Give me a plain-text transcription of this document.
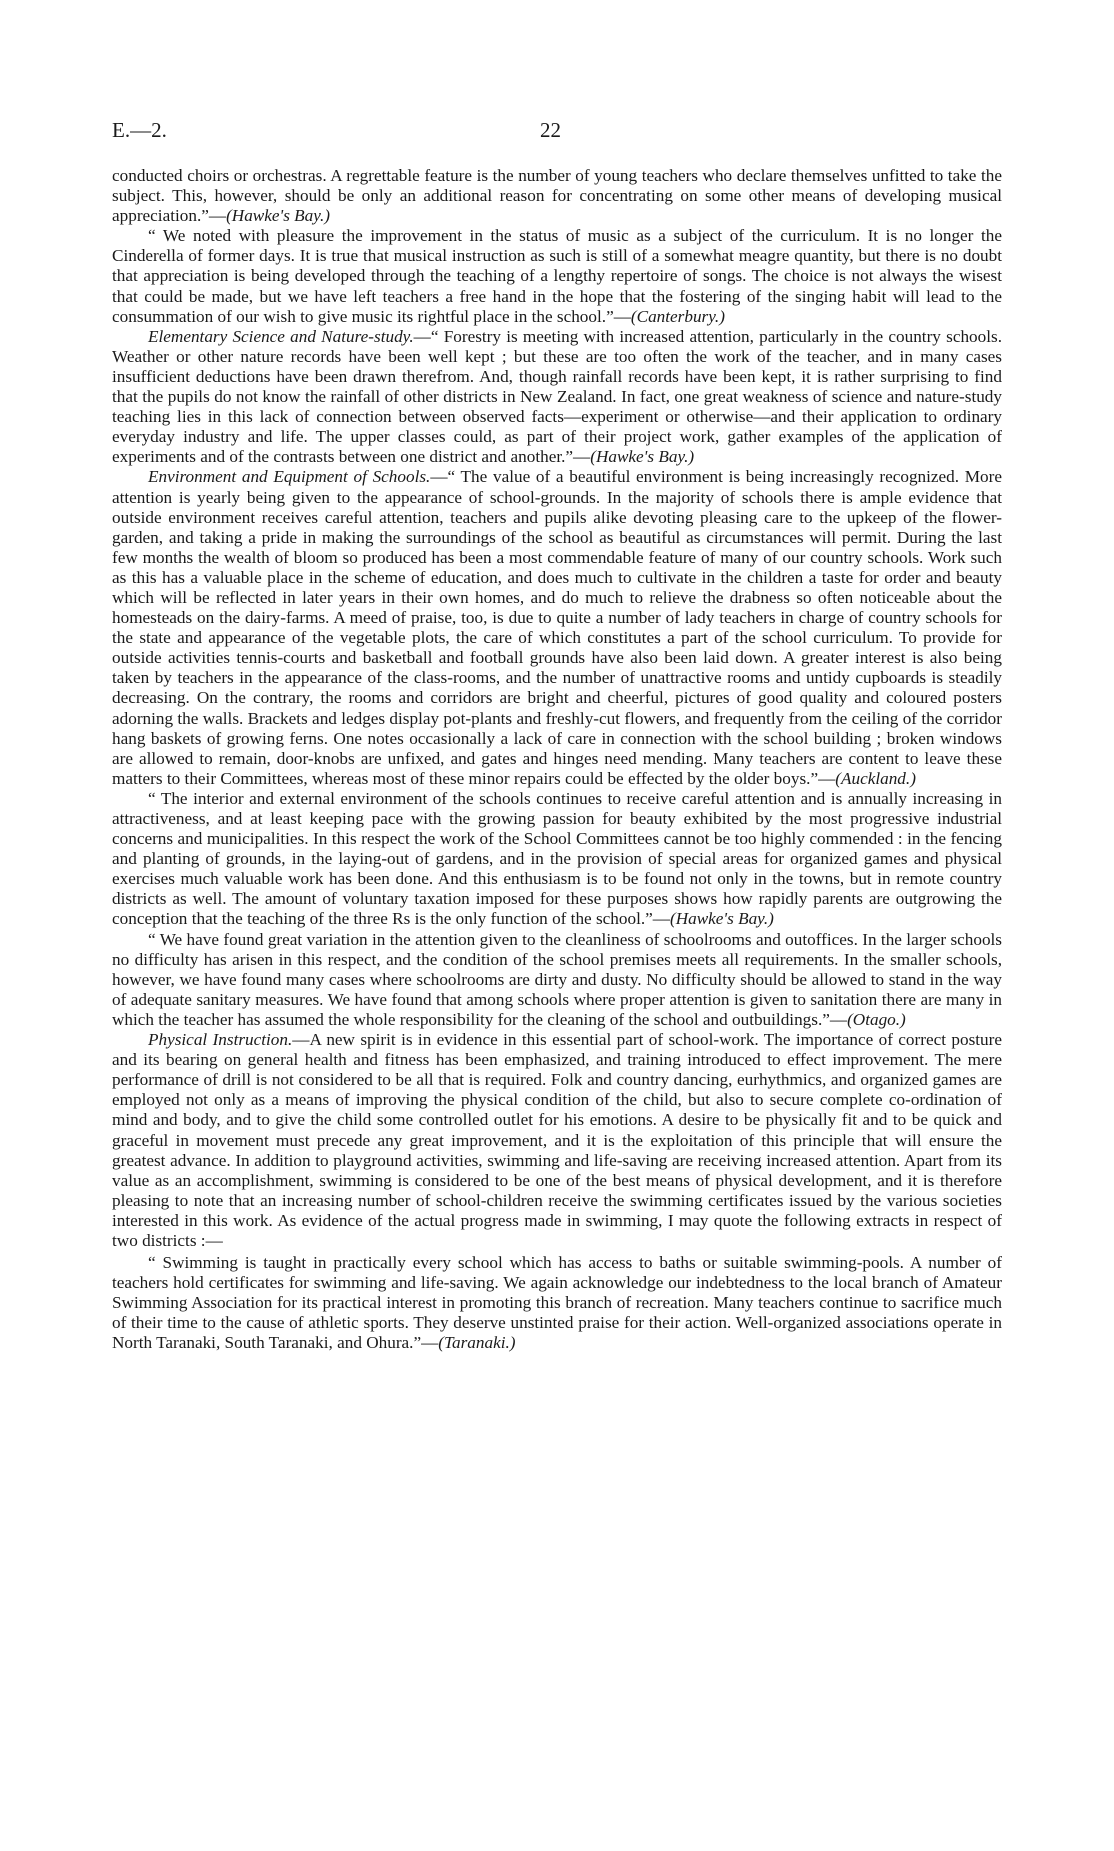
E.—2.	22

conducted choirs or orchestras. A regrettable feature is the number of young teachers who declare themselves unfitted to take the subject. This, however, should be only an additional reason for concentrating on some other means of developing musical appreciation.”—(Hawke's Bay.)

“ We noted with pleasure the improvement in the status of music as a subject of the curriculum. It is no longer the Cinderella of former days. It is true that musical instruction as such is still of a somewhat meagre quantity, but there is no doubt that appreciation is being developed through the teaching of a lengthy repertoire of songs. The choice is not always the wisest that could be made, but we have left teachers a free hand in the hope that the fostering of the singing habit will lead to the consummation of our wish to give music its rightful place in the school.”—(Canterbury.)

Elementary Science and Nature-study.—“ Forestry is meeting with increased attention, particularly in the country schools. Weather or other nature records have been well kept ; but these are too often the work of the teacher, and in many cases insufficient deductions have been drawn therefrom. And, though rainfall records have been kept, it is rather surprising to find that the pupils do not know the rainfall of other districts in New Zealand. In fact, one great weakness of science and nature-study teaching lies in this lack of connection between observed facts—experiment or otherwise—and their application to ordinary everyday industry and life. The upper classes could, as part of their project work, gather examples of the application of experiments and of the contrasts between one district and another.”—(Hawke's Bay.)

Environment and Equipment of Schools.—“ The value of a beautiful environment is being increasingly recognized. More attention is yearly being given to the appearance of school-grounds. In the majority of schools there is ample evidence that outside environment receives careful attention, teachers and pupils alike devoting pleasing care to the upkeep of the flower-garden, and taking a pride in making the surroundings of the school as beautiful as circumstances will permit. During the last few months the wealth of bloom so produced has been a most commendable feature of many of our country schools. Work such as this has a valuable place in the scheme of education, and does much to cultivate in the children a taste for order and beauty which will be reflected in later years in their own homes, and do much to relieve the drabness so often noticeable about the homesteads on the dairy-farms. A meed of praise, too, is due to quite a number of lady teachers in charge of country schools for the state and appearance of the vegetable plots, the care of which constitutes a part of the school curriculum. To provide for outside activities tennis-courts and basketball and football grounds have also been laid down. A greater interest is also being taken by teachers in the appearance of the class-rooms, and the number of unattractive rooms and untidy cupboards is steadily decreasing. On the contrary, the rooms and corridors are bright and cheerful, pictures of good quality and coloured posters adorning the walls. Brackets and ledges display pot-plants and freshly-cut flowers, and frequently from the ceiling of the corridor hang baskets of growing ferns. One notes occasionally a lack of care in connection with the school building ; broken windows are allowed to remain, door-knobs are unfixed, and gates and hinges need mending. Many teachers are content to leave these matters to their Committees, whereas most of these minor repairs could be effected by the older boys.”—(Auckland.)

“ The interior and external environment of the schools continues to receive careful attention and is annually increasing in attractiveness, and at least keeping pace with the growing passion for beauty exhibited by the most progressive industrial concerns and municipalities. In this respect the work of the School Committees cannot be too highly commended : in the fencing and planting of grounds, in the laying-out of gardens, and in the provision of special areas for organized games and physical exercises much valuable work has been done. And this enthusiasm is to be found not only in the towns, but in remote country districts as well. The amount of voluntary taxation imposed for these purposes shows how rapidly parents are outgrowing the conception that the teaching of the three Rs is the only function of the school.”—(Hawke's Bay.)

“ We have found great variation in the attention given to the cleanliness of schoolrooms and outoffices. In the larger schools no difficulty has arisen in this respect, and the condition of the school premises meets all requirements. In the smaller schools, however, we have found many cases where schoolrooms are dirty and dusty. No difficulty should be allowed to stand in the way of adequate sanitary measures. We have found that among schools where proper attention is given to sanitation there are many in which the teacher has assumed the whole responsibility for the cleaning of the school and outbuildings.”—(Otago.)

Physical Instruction.—A new spirit is in evidence in this essential part of school-work. The importance of correct posture and its bearing on general health and fitness has been emphasized, and training introduced to effect improvement. The mere performance of drill is not considered to be all that is required. Folk and country dancing, eurhythmics, and organized games are employed not only as a means of improving the physical condition of the child, but also to secure complete co-ordination of mind and body, and to give the child some controlled outlet for his emotions. A desire to be physically fit and to be quick and graceful in movement must precede any great improvement, and it is the exploitation of this principle that will ensure the greatest advance. In addition to playground activities, swimming and life-saving are receiving increased attention. Apart from its value as an accomplishment, swimming is considered to be one of the best means of physical development, and it is therefore pleasing to note that an increasing number of school-children receive the swimming certificates issued by the various societies interested in this work. As evidence of the actual progress made in swimming, I may quote the following extracts in respect of two districts :—

“ Swimming is taught in practically every school which has access to baths or suitable swimming-pools. A number of teachers hold certificates for swimming and life-saving. We again acknowledge our indebtedness to the local branch of Amateur Swimming Association for its practical interest in promoting this branch of recreation. Many teachers continue to sacrifice much of their time to the cause of athletic sports. They deserve unstinted praise for their action. Well-organized associations operate in North Taranaki, South Taranaki, and Ohura.”—(Taranaki.)
